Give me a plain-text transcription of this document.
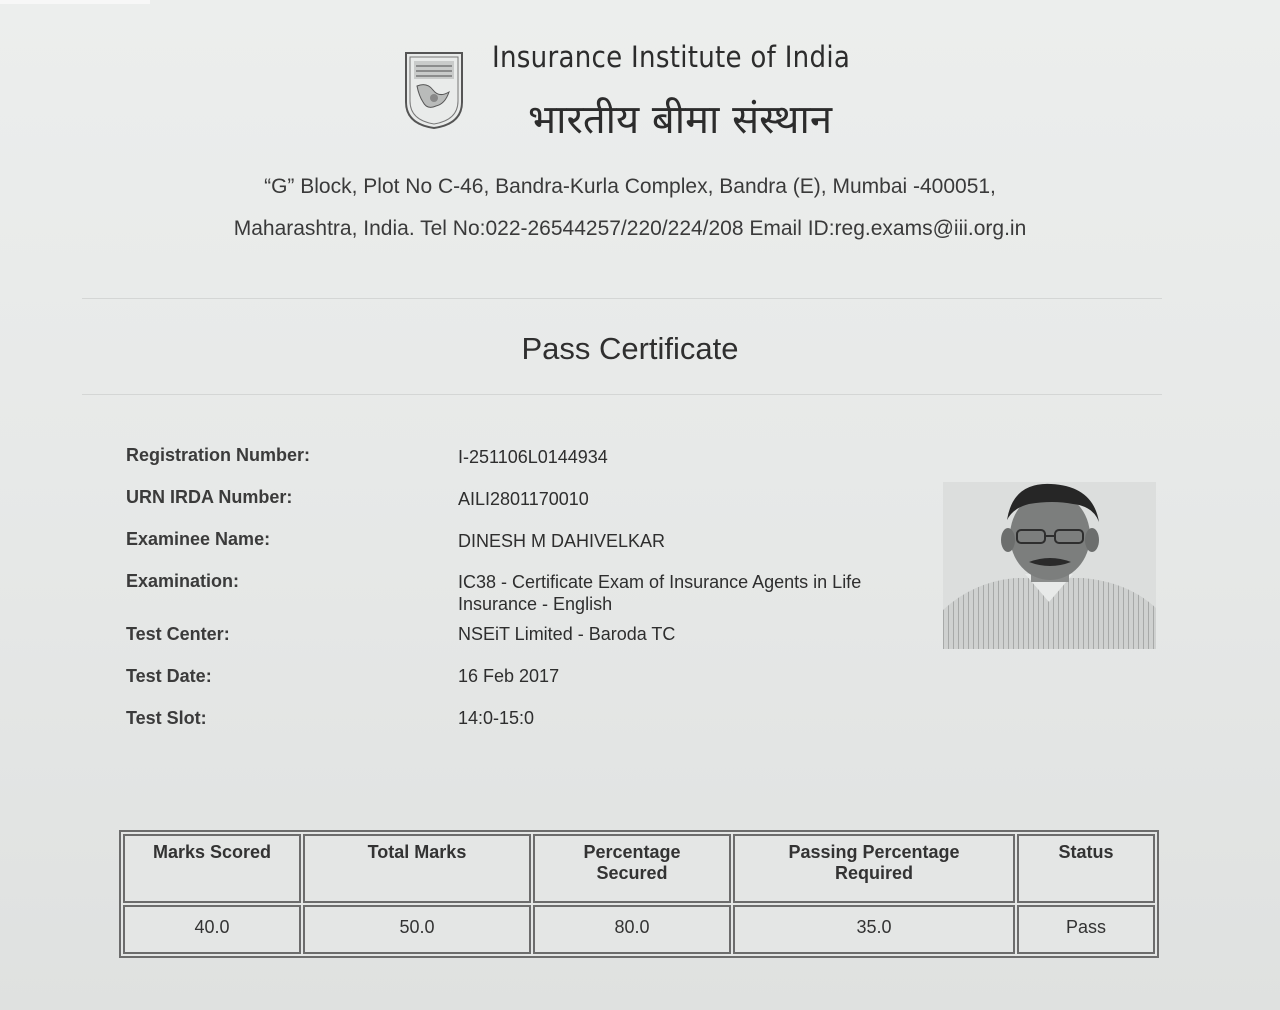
Insurance Institute of India
भारतीय बीमा संस्थान
“G” Block, Plot No C-46, Bandra-Kurla Complex, Bandra (E), Mumbai -400051,
Maharashtra, India. Tel No:022-26544257/220/224/208 Email ID:reg.exams@iii.org.in
Pass Certificate
Registration Number:	I-251106L0144934
URN IRDA Number:	AILI2801170010
Examinee Name:	DINESH M DAHIVELKAR
Examination:	IC38 - Certificate Exam of Insurance Agents in Life Insurance - English
Test Center:	NSEiT Limited - Baroda TC
Test Date:	16 Feb 2017
Test Slot:	14:0-15:0
Marks Scored	Total Marks	Percentage Secured	Passing Percentage Required	Status
40.0	50.0	80.0	35.0	Pass
